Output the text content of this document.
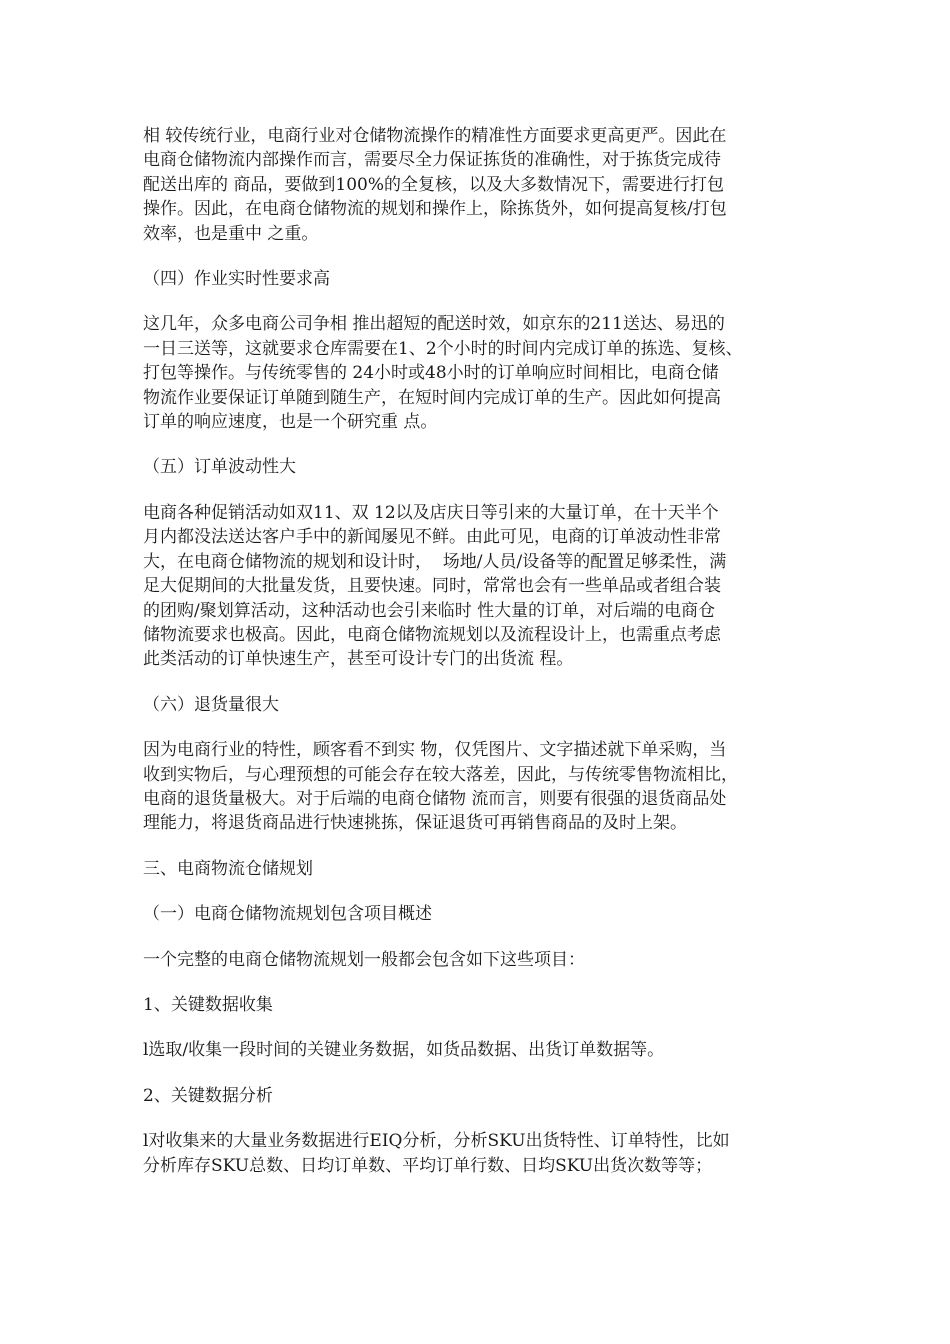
相 较传统行业，电商行业对仓储物流操作的精准性方面要求更高更严。因此在
电商仓储物流内部操作而言，需要尽全力保证拣货的准确性，对于拣货完成待
配送出库的 商品，要做到100%的全复核，以及大多数情况下，需要进行打包
操作。因此，在电商仓储物流的规划和操作上，除拣货外，如何提高复核/打包
效率，也是重中 之重。

（四）作业实时性要求高

这几年，众多电商公司争相 推出超短的配送时效，如京东的211送达、易迅的
一日三送等，这就要求仓库需要在1、2个小时的时间内完成订单的拣选、复核、
打包等操作。与传统零售的 24小时或48小时的订单响应时间相比，电商仓储
物流作业要保证订单随到随生产，在短时间内完成订单的生产。因此如何提高
订单的响应速度，也是一个研究重 点。

（五）订单波动性大

电商各种促销活动如双11、双 12以及店庆日等引来的大量订单，在十天半个
月内都没法送达客户手中的新闻屡见不鲜。由此可见，电商的订单波动性非常
大，在电商仓储物流的规划和设计时，  场地/人员/设备等的配置足够柔性，满
足大促期间的大批量发货，且要快速。同时，常常也会有一些单品或者组合装
的团购/聚划算活动，这种活动也会引来临时 性大量的订单，对后端的电商仓
储物流要求也极高。因此，电商仓储物流规划以及流程设计上，也需重点考虑
此类活动的订单快速生产，甚至可设计专门的出货流 程。

（六）退货量很大

因为电商行业的特性，顾客看不到实 物，仅凭图片、文字描述就下单采购，当
收到实物后，与心理预想的可能会存在较大落差，因此，与传统零售物流相比，
电商的退货量极大。对于后端的电商仓储物 流而言，则要有很强的退货商品处
理能力，将退货商品进行快速挑拣，保证退货可再销售商品的及时上架。

三、电商物流仓储规划

（一）电商仓储物流规划包含项目概述

一个完整的电商仓储物流规划一般都会包含如下这些项目：

1、关键数据收集

l选取/收集一段时间的关键业务数据，如货品数据、出货订单数据等。

2、关键数据分析

l对收集来的大量业务数据进行EIQ分析，分析SKU出货特性、订单特性，比如
分析库存SKU总数、日均订单数、平均订单行数、日均SKU出货次数等等；
